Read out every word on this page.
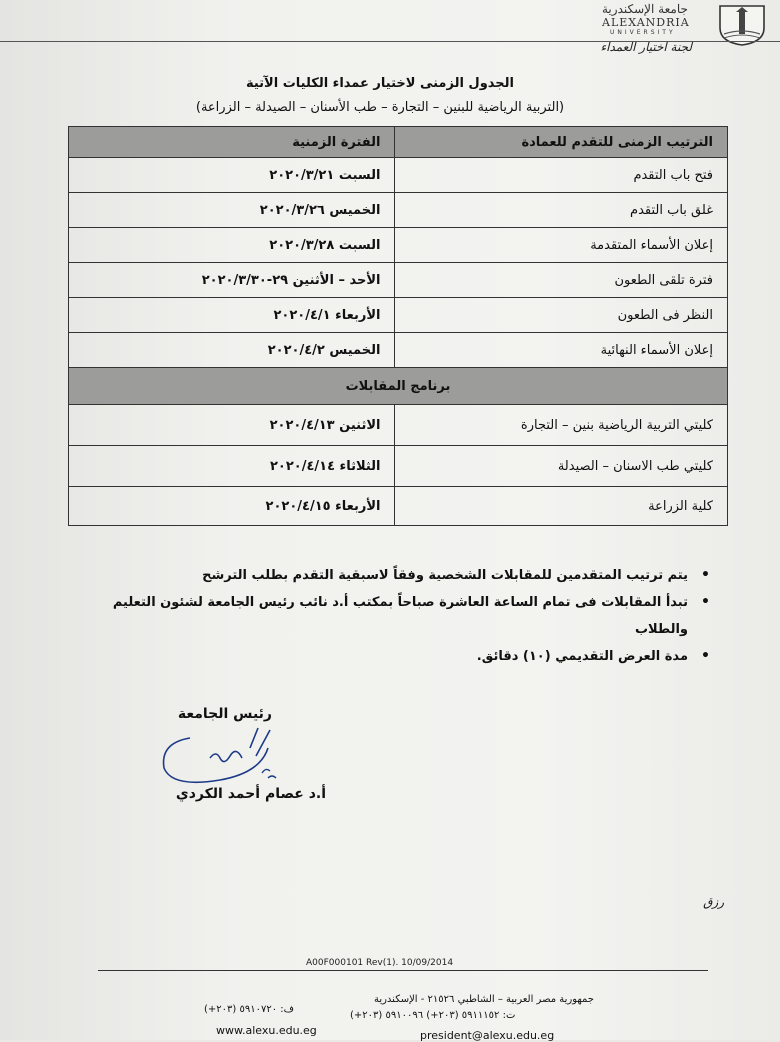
جامعة الإسكندرية
ALEXANDRIA
UNIVERSITY
لجنة اختيار العمداء
الجدول الزمنى لاختيار عمداء الكليات الآتية
(التربية الرياضية للبنين – التجارة – طب الأسنان – الصيدلة – الزراعة)
الفترة الزمنية	الترتيب الزمنى للتقدم للعمادة
السبت ٢٠٢٠/٣/٢١	فتح باب التقدم
الخميس ٢٠٢٠/٣/٢٦	غلق باب التقدم
السبت ٢٠٢٠/٣/٢٨	إعلان الأسماء المتقدمة
الأحد – الأثنين ٢٩-٢٠٢٠/٣/٣٠	فترة تلقى الطعون
الأربعاء ٢٠٢٠/٤/١	النظر فى الطعون
الخميس ٢٠٢٠/٤/٢	إعلان الأسماء النهائية
برنامج المقابلات	
الاثنين ٢٠٢٠/٤/١٣	كليتي التربية الرياضية بنين – التجارة
الثلاثاء ٢٠٢٠/٤/١٤	كليتي طب الاسنان – الصيدلة
الأربعاء ٢٠٢٠/٤/١٥	كلية الزراعة
•
يتم ترتيب المتقدمين للمقابلات الشخصية وفقاً لاسبقية التقدم بطلب الترشح
•
تبدأ المقابلات فى تمام الساعة العاشرة صباحاً بمكتب أ.د نائب رئيس الجامعة لشئون التعليم والطلاب
•
مدة العرض التقديمي (١٠) دقائق.
رئيس الجامعة
أ.د عصام أحمد الكردي
رزق
A00F000101 Rev(1). 10/09/2014
جمهورية مصر العربية – الشاطبي ٢١٥٢٦ - الإسكندرية
ف: ٥٩١٠٧٢٠ (٢٠٣+)
ت: ٥٩١١١٥٢ (٢٠٣+) ٥٩١٠٠٩٦ (٢٠٣+)
www.alexu.edu.eg	president@alexu.edu.eg
